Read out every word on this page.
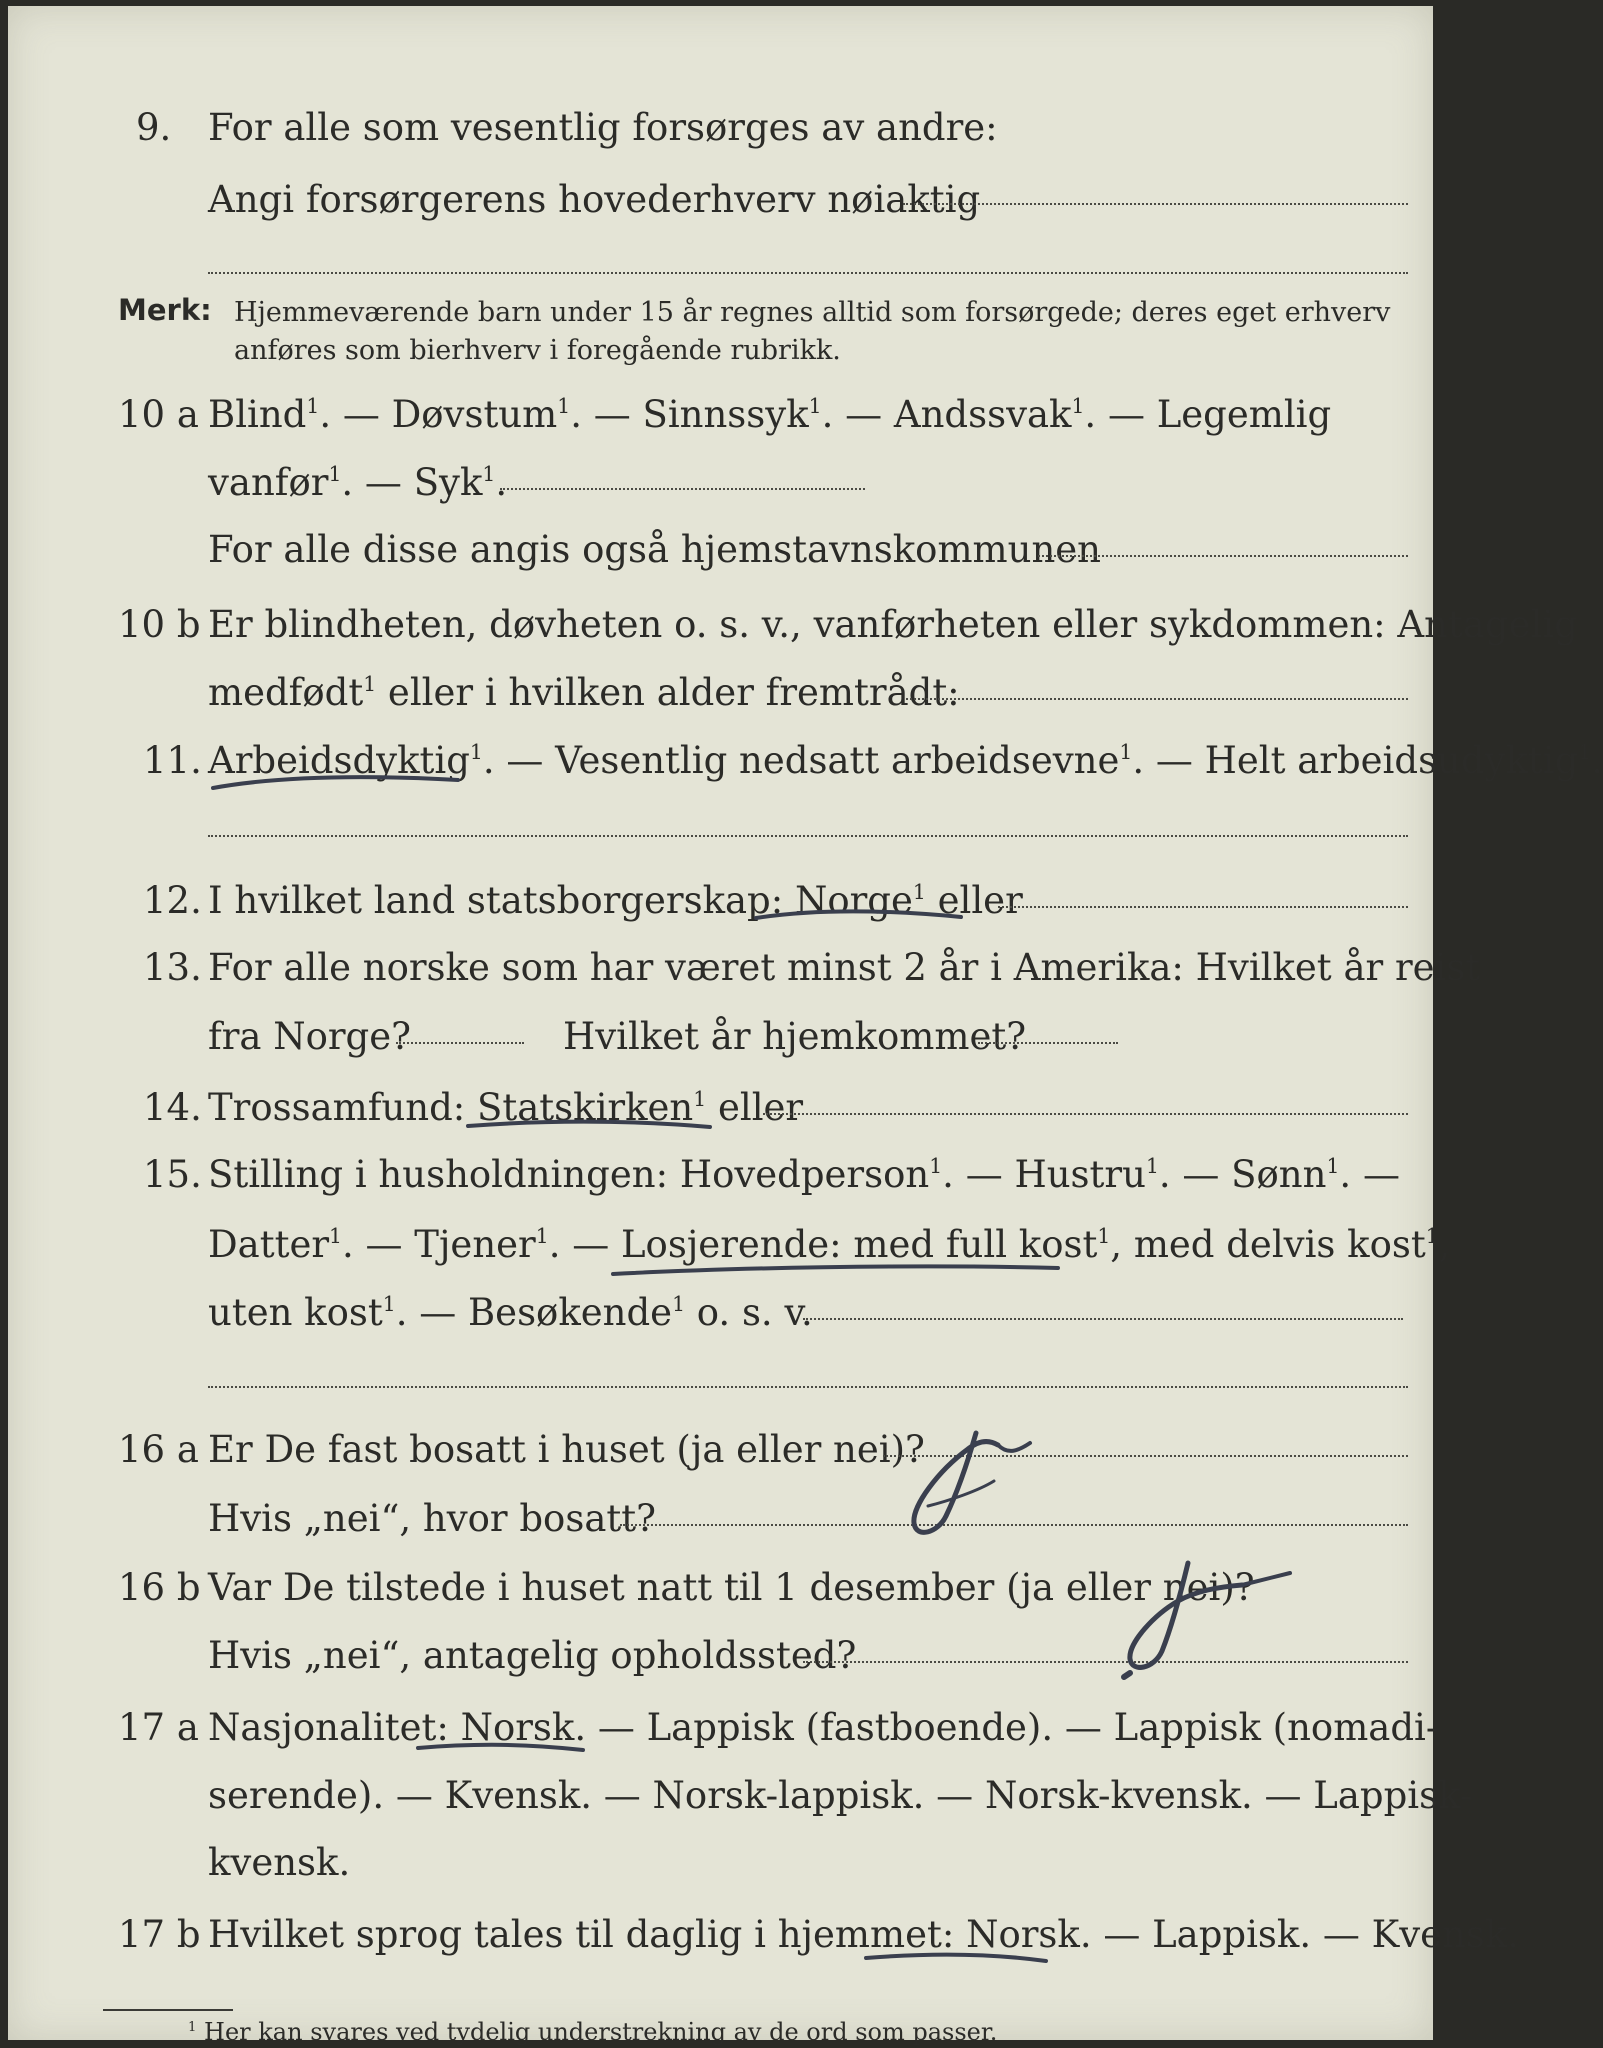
9. For alle som vesentlig forsørges av andre:
Angi forsørgerens hovederhverv nøiaktig
Merk: Hjemmeværende barn under 15 år regnes alltid som forsørgede; deres eget erhverv
anføres som bierhverv i foregående rubrikk.
10 a Blind$^1$. — Døvstum$^1$. — Sinnssyk$^1$. — Andssvak$^1$. — Legemlig
vanfør$^1$. — Syk$^1$.
For alle disse angis også hjemstavnskommunen
10 b Er blindheten, døvheten o. s. v., vanførheten eller sykdommen: Antagelig
medfødt$^1$ eller i hvilken alder fremtrådt:
11. Arbeidsdyktig$^1$. — Vesentlig nedsatt arbeidsevne$^1$. — Helt arbeidsudyktig$^1$.
12. I hvilket land statsborgerskap: Norge$^1$ eller
13. For alle norske som har været minst 2 år i Amerika: Hvilket år reist
fra Norge?	Hvilket år hjemkommet?
14. Trossamfund: Statskirken$^1$ eller
15. Stilling i husholdningen: Hovedperson$^1$. — Hustru$^1$. — Sønn$^1$. —
Datter$^1$. — Tjener$^1$. — Losjerende: med full kost$^1$, med delvis kost$^1$,
uten kost$^1$. — Besøkende$^1$ o. s. v.
16 a Er De fast bosatt i huset (ja eller nei)?
Hvis „nei“, hvor bosatt?
16 b Var De tilstede i huset natt til 1 desember (ja eller nei)?
Hvis „nei“, antagelig opholdssted?
17 a Nasjonalitet: Norsk. — Lappisk (fastboende). — Lappisk (nomadi-
serende). — Kvensk. — Norsk-lappisk. — Norsk-kvensk. — Lappisk-
kvensk.
17 b Hvilket sprog tales til daglig i hjemmet: Norsk. — Lappisk. — Kvensk.
$^1$ Her kan svares ved tydelig understrekning av de ord som passer.
